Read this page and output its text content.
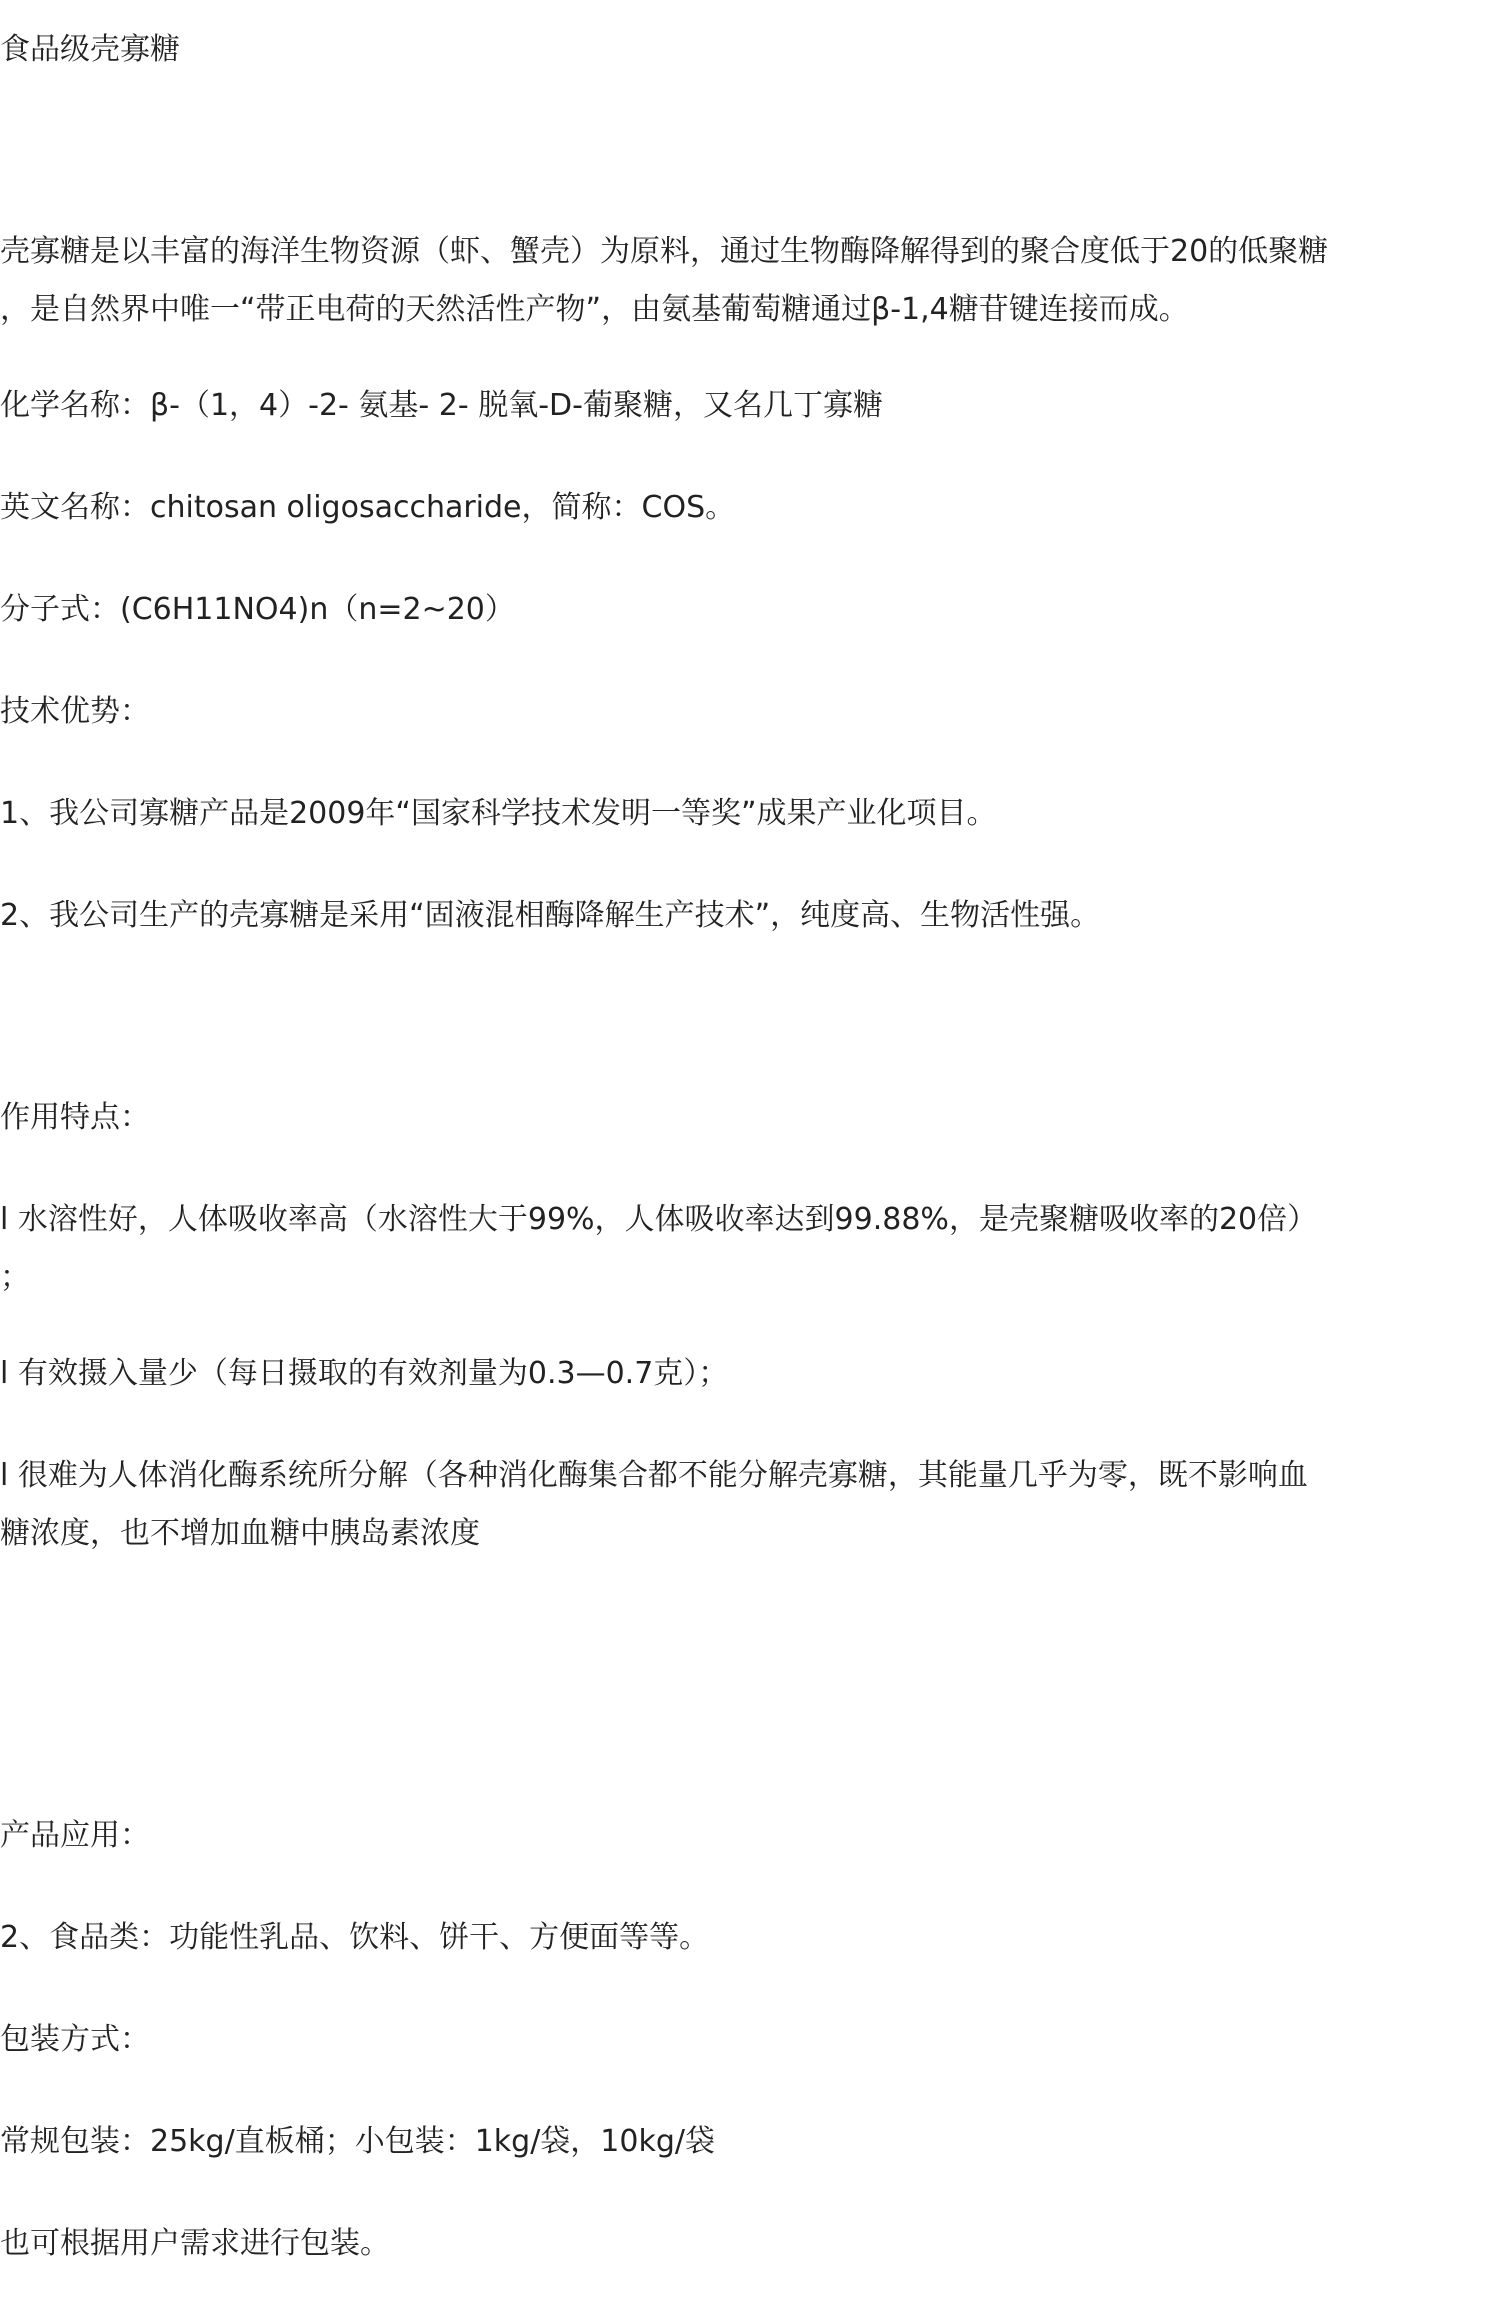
食品级壳寡糖

壳寡糖是以丰富的海洋生物资源（虾、蟹壳）为原料，通过生物酶降解得到的聚合度低于20的低聚糖

，是自然界中唯一“带正电荷的天然活性产物”，由氨基葡萄糖通过β-1,4糖苷键连接而成。

化学名称：β-（1，4）-2- 氨基- 2- 脱氧-D-葡聚糖，又名几丁寡糖

英文名称：chitosan oligosaccharide，简称：COS。

分子式：(C6H11NO4)n（n=2~20）

技术优势：

1、我公司寡糖产品是2009年“国家科学技术发明一等奖”成果产业化项目。

2、我公司生产的壳寡糖是采用“固液混相酶降解生产技术”，纯度高、生物活性强。

作用特点：

l 水溶性好，人体吸收率高（水溶性大于99%，人体吸收率达到99.88%，是壳聚糖吸收率的20倍）

；

l 有效摄入量少（每日摄取的有效剂量为0.3—0.7克）；

l 很难为人体消化酶系统所分解（各种消化酶集合都不能分解壳寡糖，其能量几乎为零，既不影响血

糖浓度，也不增加血糖中胰岛素浓度

产品应用：

2、食品类：功能性乳品、饮料、饼干、方便面等等。

包装方式：

常规包装：25kg/直板桶；小包装：1kg/袋，10kg/袋

也可根据用户需求进行包装。
